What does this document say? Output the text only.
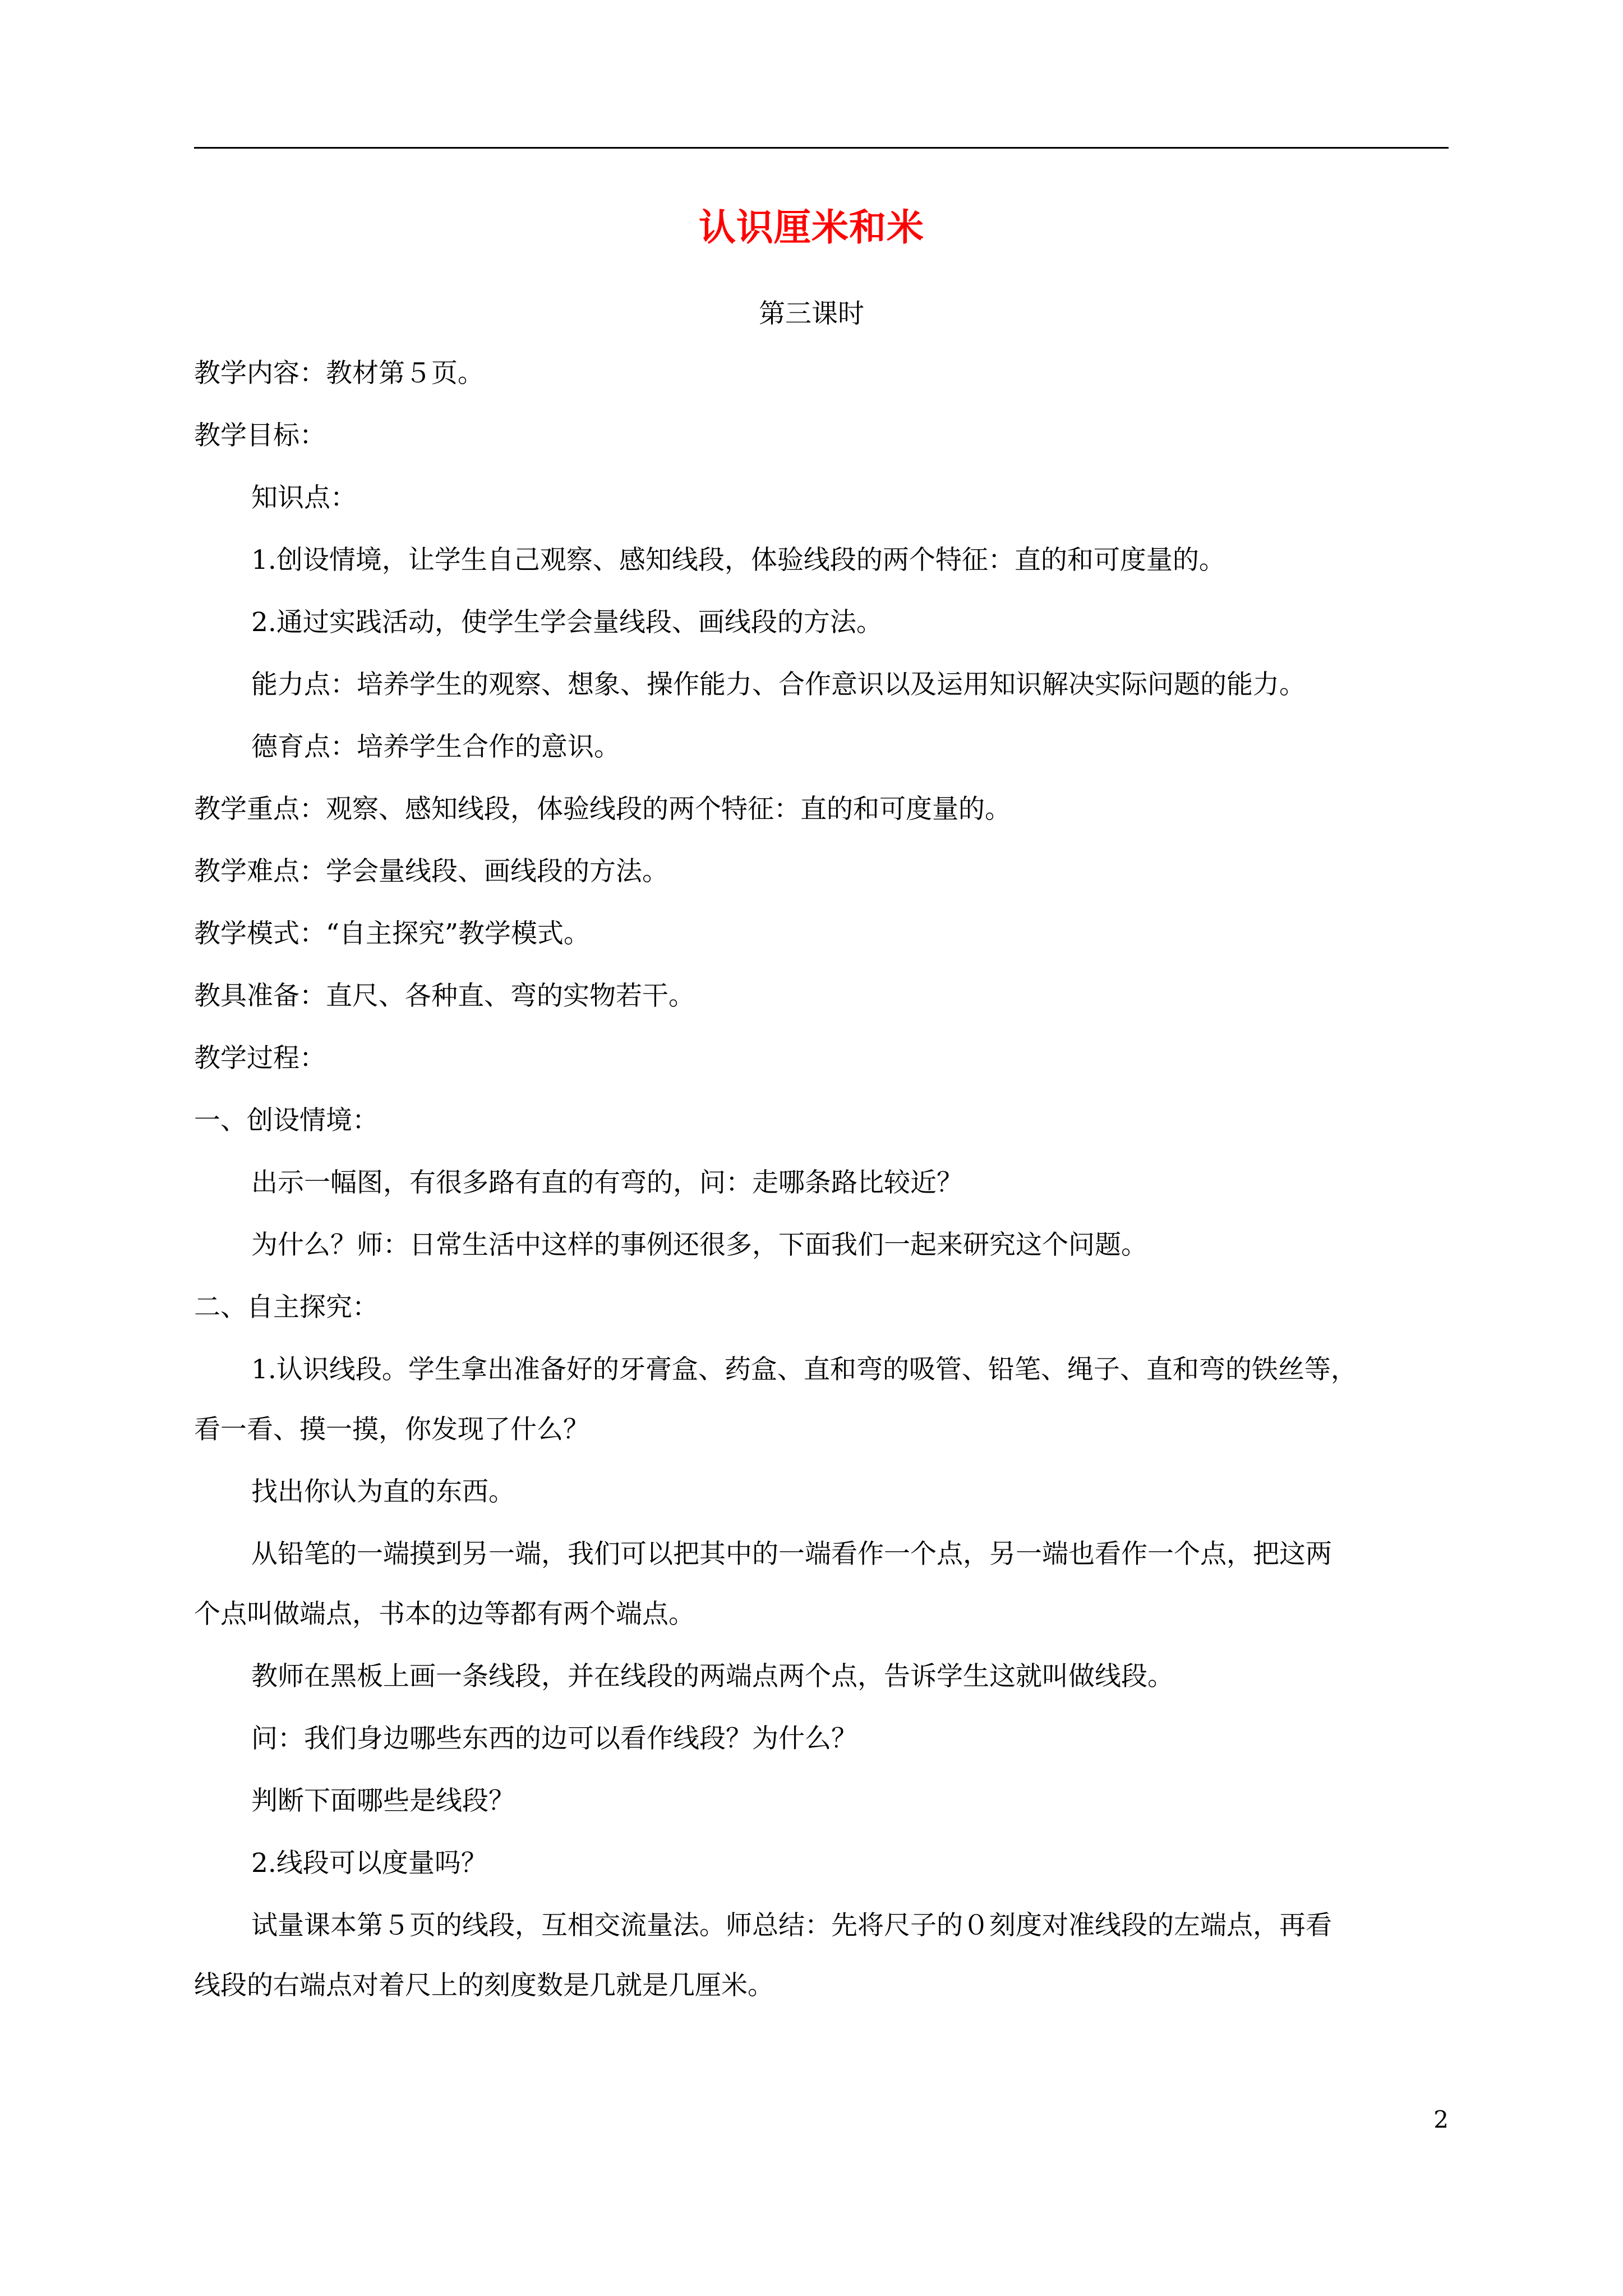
认识厘米和米
第三课时
教学内容：教材第５页。
教学目标：
知识点：
1.创设情境，让学生自己观察、感知线段，体验线段的两个特征：直的和可度量的。
2.通过实践活动，使学生学会量线段、画线段的方法。
能力点：培养学生的观察、想象、操作能力、合作意识以及运用知识解决实际问题的能力。
德育点：培养学生合作的意识。
教学重点：观察、感知线段，体验线段的两个特征：直的和可度量的。
教学难点：学会量线段、画线段的方法。
教学模式：“自主探究”教学模式。
教具准备：直尺、各种直、弯的实物若干。
教学过程：
一、创设情境：
出示一幅图，有很多路有直的有弯的，问：走哪条路比较近？
为什么？师：日常生活中这样的事例还很多，下面我们一起来研究这个问题。
二、自主探究：
1.认识线段。学生拿出准备好的牙膏盒、药盒、直和弯的吸管、铅笔、绳子、直和弯的铁丝等，
看一看、摸一摸，你发现了什么？
找出你认为直的东西。
从铅笔的一端摸到另一端，我们可以把其中的一端看作一个点，另一端也看作一个点，把这两
个点叫做端点，书本的边等都有两个端点。
教师在黑板上画一条线段，并在线段的两端点两个点，告诉学生这就叫做线段。
问：我们身边哪些东西的边可以看作线段？为什么？
判断下面哪些是线段？
2.线段可以度量吗？
试量课本第５页的线段，互相交流量法。师总结：先将尺子的０刻度对准线段的左端点，再看
线段的右端点对着尺上的刻度数是几就是几厘米。
2
